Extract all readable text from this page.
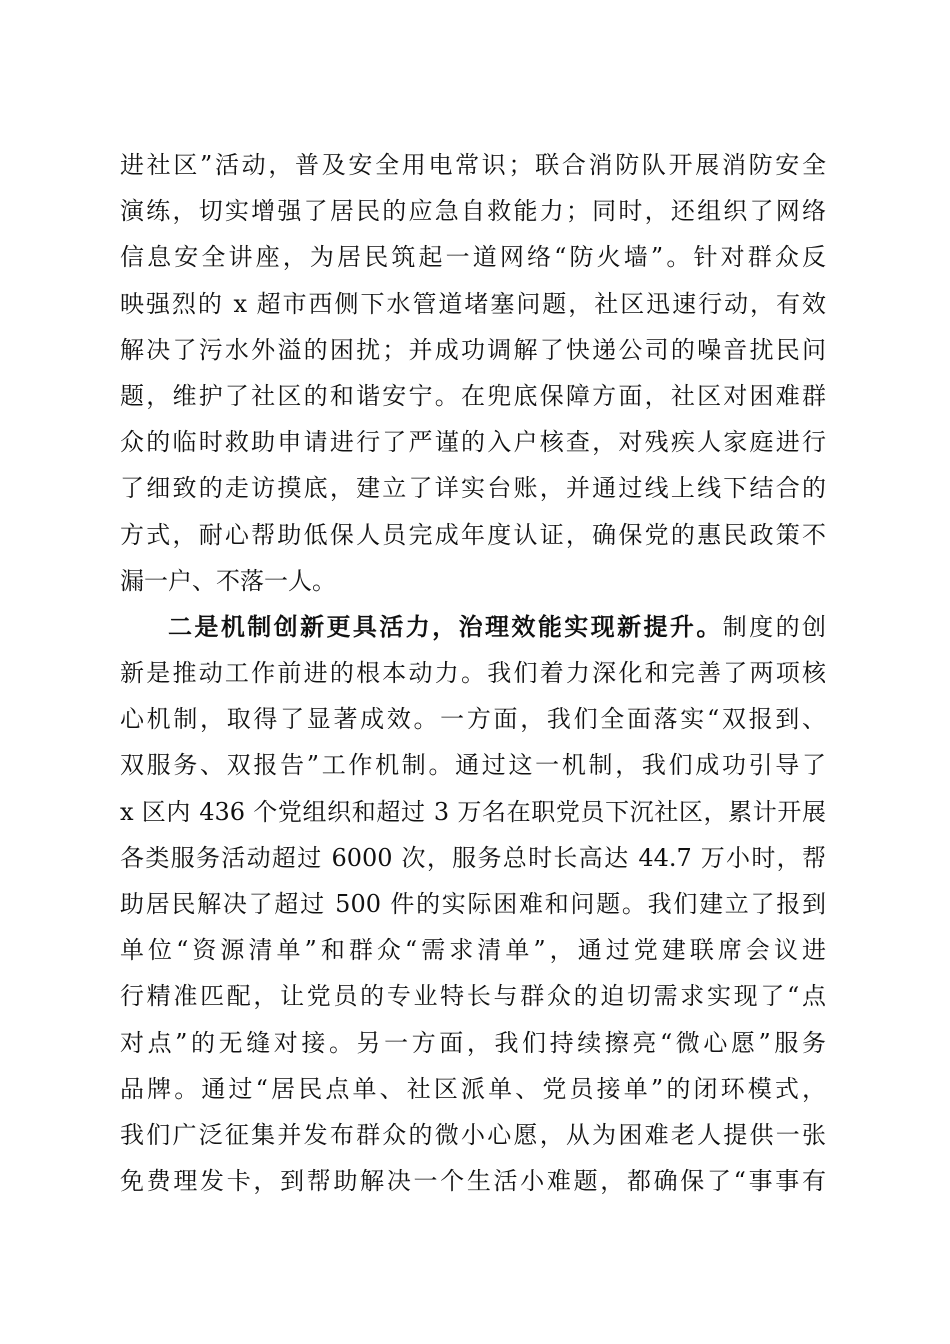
进社区”活动，普及安全用电常识；联合消防队开展消防安全
演练，切实增强了居民的应急自救能力；同时，还组织了网络
信息安全讲座，为居民筑起一道网络“防火墙”。针对群众反
映强烈的 x 超市西侧下水管道堵塞问题，社区迅速行动，有效
解决了污水外溢的困扰；并成功调解了快递公司的噪音扰民问
题，维护了社区的和谐安宁。在兜底保障方面，社区对困难群
众的临时救助申请进行了严谨的入户核查，对残疾人家庭进行
了细致的走访摸底，建立了详实台账，并通过线上线下结合的
方式，耐心帮助低保人员完成年度认证，确保党的惠民政策不
漏一户、不落一人。
二是机制创新更具活力，治理效能实现新提升。制度的创
新是推动工作前进的根本动力。我们着力深化和完善了两项核
心机制，取得了显著成效。一方面，我们全面落实“双报到、
双服务、双报告”工作机制。通过这一机制，我们成功引导了
x 区内 436 个党组织和超过 3 万名在职党员下沉社区，累计开展
各类服务活动超过 6000 次，服务总时长高达 44.7 万小时，帮
助居民解决了超过 500 件的实际困难和问题。我们建立了报到
单位“资源清单”和群众“需求清单”，通过党建联席会议进
行精准匹配，让党员的专业特长与群众的迫切需求实现了“点
对点”的无缝对接。另一方面，我们持续擦亮“微心愿”服务
品牌。通过“居民点单、社区派单、党员接单”的闭环模式，
我们广泛征集并发布群众的微小心愿，从为困难老人提供一张
免费理发卡，到帮助解决一个生活小难题，都确保了“事事有
